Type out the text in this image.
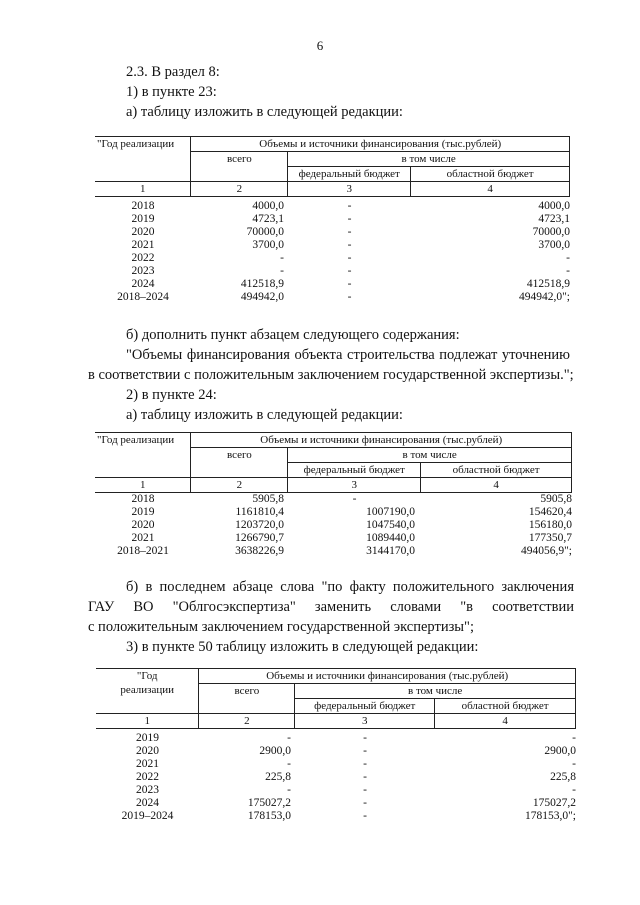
6
2.3. В раздел 8:
1) в пункте 23:
а) таблицу изложить в следующей редакции:
"Год реализации	Объемы и источники финансирования (тыс.рублей)		
	всего	в том числе	
		федеральный бюджет	областной бюджет
1	2	3	4
2018	4000,0	-	4000,0
2019	4723,1	-	4723,1
2020	70000,0	-	70000,0
2021	3700,0	-	3700,0
2022	-	-	-
2023	-	-	-
2024	412518,9	-	412518,9
2018–2024	494942,0	-	494942,0";
б) дополнить пункт абзацем следующего содержания:
"Объемы финансирования объекта строительства подлежат уточнению
в соответствии с положительным заключением государственной экспертизы.";
2) в пункте 24:
а) таблицу изложить в следующей редакции:
"Год реализации	Объемы и источники финансирования (тыс.рублей)		
	всего	в том числе	
		федеральный бюджет	областной бюджет
1	2	3	4
2018	5905,8	-	5905,8
2019	1161810,4	1007190,0	154620,4
2020	1203720,0	1047540,0	156180,0
2021	1266790,7	1089440,0	177350,7
2018–2021	3638226,9	3144170,0	494056,9";
б) в последнем абзаце слова "по факту положительного заключения
ГАУ ВО "Облгосэкспертиза" заменить словами "в соответствии
с положительным заключением государственной экспертизы";
3) в пункте 50 таблицу изложить в следующей редакции:
"Год
реализации	Объемы и источники финансирования (тыс.рублей)		
	всего	в том числе	
		федеральный бюджет	областной бюджет
1	2	3	4
2019	-	-	-
2020	2900,0	-	2900,0
2021	-	-	-
2022	225,8	-	225,8
2023	-	-	-
2024	175027,2	-	175027,2
2019–2024	178153,0	-	178153,0";
